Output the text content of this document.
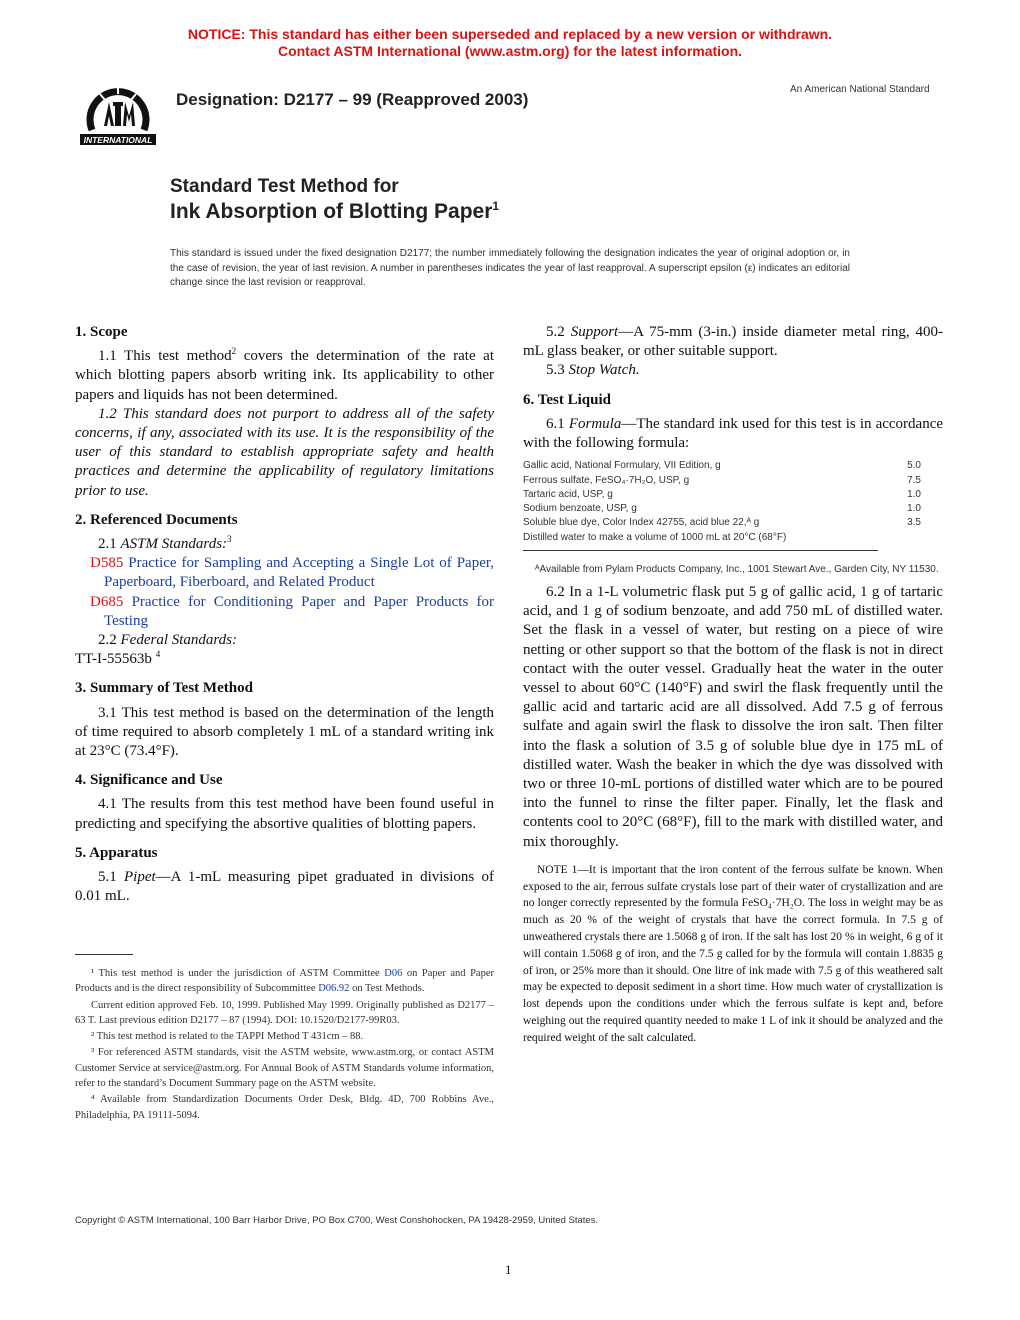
NOTICE: This standard has either been superseded and replaced by a new version or withdrawn.
Contact ASTM International (www.astm.org) for the latest information.
INTERNATIONAL
Designation: D2177 – 99 (Reapproved 2003)
An American National Standard
Standard Test Method for
Ink Absorption of Blotting Paper$^1$
This standard is issued under the fixed designation D2177; the number immediately following the designation indicates the year of original adoption or, in the case of revision, the year of last revision. A number in parentheses indicates the year of last reapproval. A superscript epsilon (ε) indicates an editorial change since the last revision or reapproval.
1. Scope

1.1 This test method$^2$ covers the determination of the rate at which blotting papers absorb writing ink. Its applicability to other papers and liquids has not been determined.

1.2 This standard does not purport to address all of the safety concerns, if any, associated with its use. It is the responsibility of the user of this standard to establish appropriate safety and health practices and determine the applicability of regulatory limitations prior to use.

2. Referenced Documents

2.1 ASTM Standards:$^3$

D585 Practice for Sampling and Accepting a Single Lot of Paper, Paperboard, Fiberboard, and Related Product

D685 Practice for Conditioning Paper and Paper Products for Testing

2.2 Federal Standards:

TT-I-55563b $^4$

3. Summary of Test Method

3.1 This test method is based on the determination of the length of time required to absorb completely 1 mL of a standard writing ink at 23°C (73.4°F).

4. Significance and Use

4.1 The results from this test method have been found useful in predicting and specifying the absortive qualities of blotting papers.

5. Apparatus

5.1 Pipet—A 1-mL measuring pipet graduated in divisions of 0.01 mL.

5.2 Support—A 75-mm (3-in.) inside diameter metal ring, 400-mL glass beaker, or other suitable support.

5.3 Stop Watch.

6. Test Liquid

6.1 Formula—The standard ink used for this test is in accordance with the following formula:

Gallic acid, National Formulary, VII Edition, g	5.0
Ferrous sulfate, FeSO₄·7H₂O, USP, g	7.5
Tartaric acid, USP, g	1.0
Sodium benzoate, USP, g	1.0
Soluble blue dye, Color Index 42755, acid blue 22,ᴬ g	3.5
Distilled water to make a volume of 1000 mL at 20°C (68°F)	
ᴬAvailable from Pylam Products Company, Inc., 1001 Stewart Ave., Garden City, NY 11530.

6.2 In a 1-L volumetric flask put 5 g of gallic acid, 1 g of tartaric acid, and 1 g of sodium benzoate, and add 750 mL of distilled water. Set the flask in a vessel of water, but resting on a piece of wire netting or other support so that the bottom of the flask is not in direct contact with the outer vessel. Gradually heat the water in the outer vessel to about 60°C (140°F) and swirl the flask frequently until the gallic acid and tartaric acid are all dissolved. Add 7.5 g of ferrous sulfate and again swirl the flask to dissolve the iron salt. Then filter into the flask a solution of 3.5 g of soluble blue dye in 175 mL of distilled water. Wash the beaker in which the dye was dissolved with two or three 10-mL portions of distilled water which are to be poured into the funnel to rinse the filter paper. Finally, let the flask and contents cool to 20°C (68°F), fill to the mark with distilled water, and mix thoroughly.

NOTE 1—It is important that the iron content of the ferrous sulfate be known. When exposed to the air, ferrous sulfate crystals lose part of their water of crystallization and are no longer correctly represented by the formula FeSO₄·7H₂O. The loss in weight may be as much as 20 % of the weight of crystals that have the correct formula. In 7.5 g of unweathered crystals there are 1.5068 g of iron. If the salt has lost 20 % in weight, 6 g of it will contain 1.5068 g of iron, and the 7.5 g called for by the formula will contain 1.8835 g of iron, or 25% more than it should. One litre of ink made with 7.5 g of this weathered salt may be expected to deposit sediment in a short time. How much water of crystallization is lost depends upon the conditions under which the ferrous sulfate is kept and, before weighing out the required quantity needed to make 1 L of ink it should be analyzed and the required weight of the salt calculated.

¹ This test method is under the jurisdiction of ASTM Committee D06 on Paper and Paper Products and is the direct responsibility of Subcommittee D06.92 on Test Methods.

Current edition approved Feb. 10, 1999. Published May 1999. Originally published as D2177 – 63 T. Last previous edition D2177 – 87 (1994). DOI: 10.1520/D2177-99R03.

² This test method is related to the TAPPI Method T 431cm – 88.

³ For referenced ASTM standards, visit the ASTM website, www.astm.org, or contact ASTM Customer Service at service@astm.org. For Annual Book of ASTM Standards volume information, refer to the standard’s Document Summary page on the ASTM website.

⁴ Available from Standardization Documents Order Desk, Bldg. 4D, 700 Robbins Ave., Philadelphia, PA 19111-5094.

Copyright © ASTM International, 100 Barr Harbor Drive, PO Box C700, West Conshohocken, PA 19428-2959, United States.
1
